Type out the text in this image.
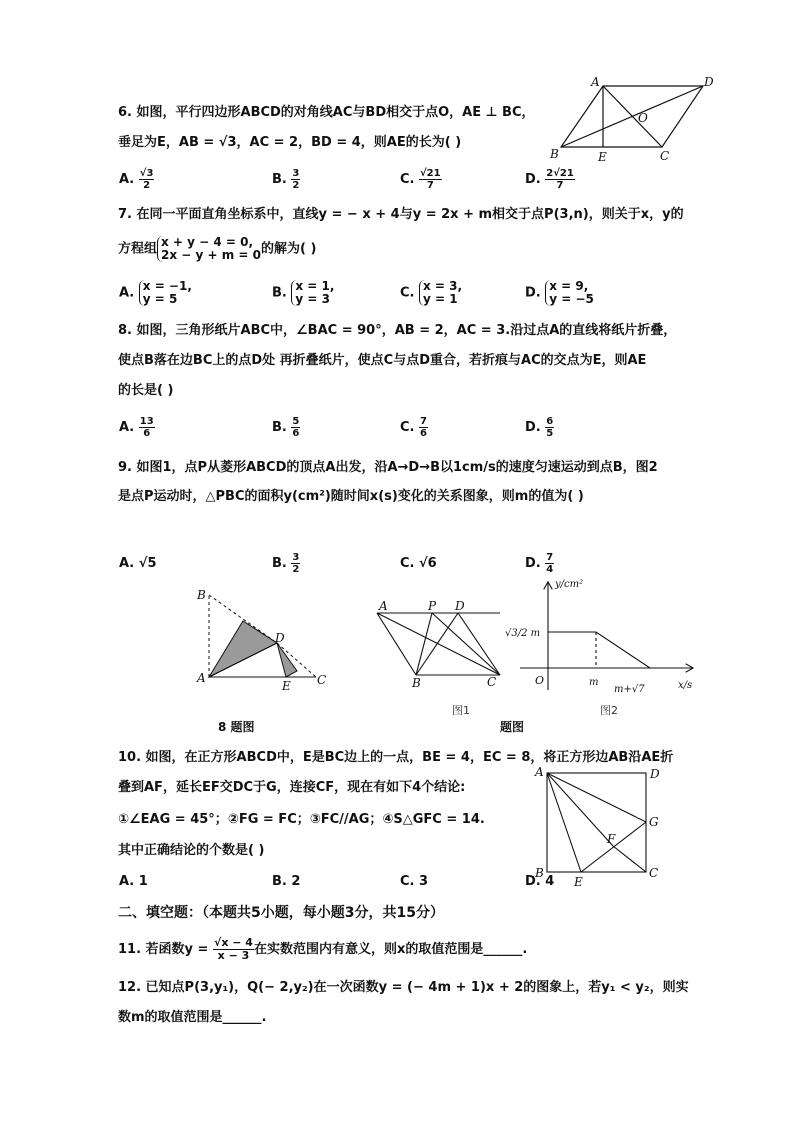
6. 如图，平行四边形ABCD的对角线AC与BD相交于点O，AE ⊥ BC，
垂足为E，AB = √3，AC = 2，BD = 4，则AE的长为( )
A. $\frac{√3}{2}$	B. $\frac{3}{2}$	C. $\frac{√21}{7}$	D. $\frac{2√21}{7}$
A	D
O
B	E	C
7. 在同一平面直角坐标系中，直线y = − x + 4与y = 2x + m相交于点P(3,n)，则关于x，y的
方程组 x + y − 4 = 0,
2x − y + m = 0 的解为( )
A. x = −1,
y = 5	B. x = 1,
y = 3	C. x = 3,
y = 1	D. x = 9,
y = −5
8. 如图，三角形纸片ABC中，∠BAC = 90°，AB = 2，AC = 3.沿过点A的直线将纸片折叠，
使点B落在边BC上的点D处 再折叠纸片，使点C与点D重合，若折痕与AC的交点为E，则AE
的长是( )
A. $\frac{13}{6}$	B. $\frac{5}{6}$	C. $\frac{7}{6}$	D. $\frac{6}{5}$
9. 如图1，点P从菱形ABCD的顶点A出发，沿A→D→B以1cm/s的速度匀速运动到点B，图2
是点P运动时，△PBC的面积y(cm²)随时间x(s)变化的关系图象，则m的值为( )
A. √5	B. $\frac{3}{2}$	C. √6	D. $\frac{7}{4}$
B
D
A
E C
8 题图
A	P D
B	C
图1
题图
y/cm²
x/s
O
√3/2 m
m
m+√7
图2
10. 如图，在正方形ABCD中，E是BC边上的一点，BE = 4，EC = 8，将正方形边AB沿AE折
叠到AF，延长EF交DC于G，连接CF，现在有如下4个结论:
①∠EAG = 45°；②FG = FC；③FC//AG；④S△GFC = 14.
其中正确结论的个数是( )
A. 1	B. 2	C. 3	D. 4
A	D
G
F
B
E
C
二、填空题：（本题共5小题，每小题3分，共15分）
11. 若函数$y = \frac{√x - 4}{x - 3}$ 在实数范围内有意义，则x的取值范围是______.
12. 已知点P(3,y₁)，Q(− 2,y₂)在一次函数y = (− 4m + 1)x + 2的图象上，若y₁ < y₂，则实
数m的取值范围是______.
